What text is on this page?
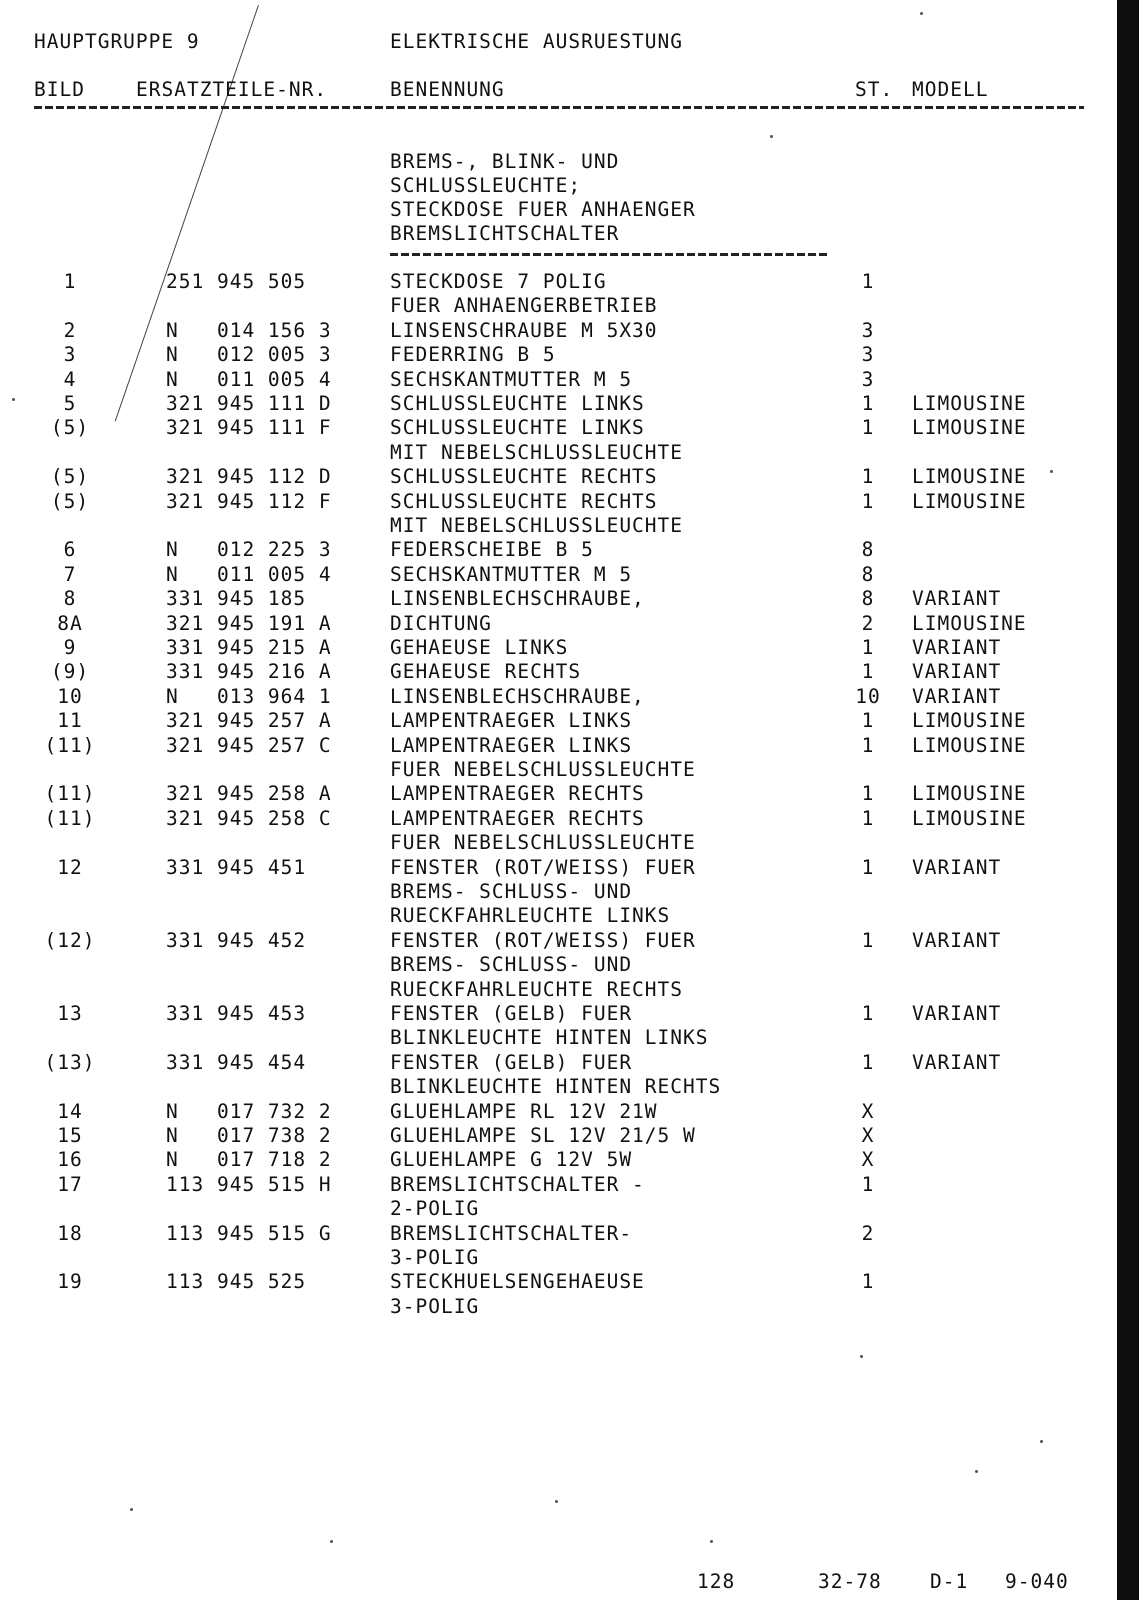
HAUPTGRUPPE 9	ELEKTRISCHE AUSRUESTUNG
BILD	ERSATZTEILE-NR.	BENENNUNG	ST. MODELL
BREMS-, BLINK- UND
SCHLUSSLEUCHTE;
STECKDOSE FUER ANHAENGER
BREMSLICHTSCHALTER
1	251 945 505	STECKDOSE 7 POLIG	1
FUER ANHAENGERBETRIEB
2	N   014 156 3	LINSENSCHRAUBE M 5X30	3
3	N   012 005 3	FEDERRING B 5	3
4	N   011 005 4	SECHSKANTMUTTER M 5	3
5	321 945 111 D	SCHLUSSLEUCHTE LINKS	1	LIMOUSINE
(5)	321 945 111 F	SCHLUSSLEUCHTE LINKS	1	LIMOUSINE
MIT NEBELSCHLUSSLEUCHTE
(5)	321 945 112 D	SCHLUSSLEUCHTE RECHTS	1	LIMOUSINE
(5)	321 945 112 F	SCHLUSSLEUCHTE RECHTS	1	LIMOUSINE
MIT NEBELSCHLUSSLEUCHTE
6	N   012 225 3	FEDERSCHEIBE B 5	8
7	N   011 005 4	SECHSKANTMUTTER M 5	8
8	331 945 185	LINSENBLECHSCHRAUBE,	8	VARIANT
8A	321 945 191 A	DICHTUNG	2	LIMOUSINE
9	331 945 215 A	GEHAEUSE LINKS	1	VARIANT
(9)	331 945 216 A	GEHAEUSE RECHTS	1	VARIANT
10	N   013 964 1	LINSENBLECHSCHRAUBE,	10	VARIANT
11	321 945 257 A	LAMPENTRAEGER LINKS	1	LIMOUSINE
(11)	321 945 257 C	LAMPENTRAEGER LINKS	1	LIMOUSINE
FUER NEBELSCHLUSSLEUCHTE
(11)	321 945 258 A	LAMPENTRAEGER RECHTS	1	LIMOUSINE
(11)	321 945 258 C	LAMPENTRAEGER RECHTS	1	LIMOUSINE
FUER NEBELSCHLUSSLEUCHTE
12	331 945 451	FENSTER (ROT/WEISS) FUER	1	VARIANT
BREMS- SCHLUSS- UND
RUECKFAHRLEUCHTE LINKS
(12)	331 945 452	FENSTER (ROT/WEISS) FUER	1	VARIANT
BREMS- SCHLUSS- UND
RUECKFAHRLEUCHTE RECHTS
13	331 945 453	FENSTER (GELB) FUER	1	VARIANT
BLINKLEUCHTE HINTEN LINKS
(13)	331 945 454	FENSTER (GELB) FUER	1	VARIANT
BLINKLEUCHTE HINTEN RECHTS
14	N   017 732 2	GLUEHLAMPE RL 12V 21W	X
15	N   017 738 2	GLUEHLAMPE SL 12V 21/5 W	X
16	N   017 718 2	GLUEHLAMPE G 12V 5W	X
17	113 945 515 H	BREMSLICHTSCHALTER -	1
2-POLIG
18	113 945 515 G	BREMSLICHTSCHALTER-	2
3-POLIG
19	113 945 525	STECKHUELSENGEHAEUSE	1
3-POLIG
128	32-78 D-1 9-040
